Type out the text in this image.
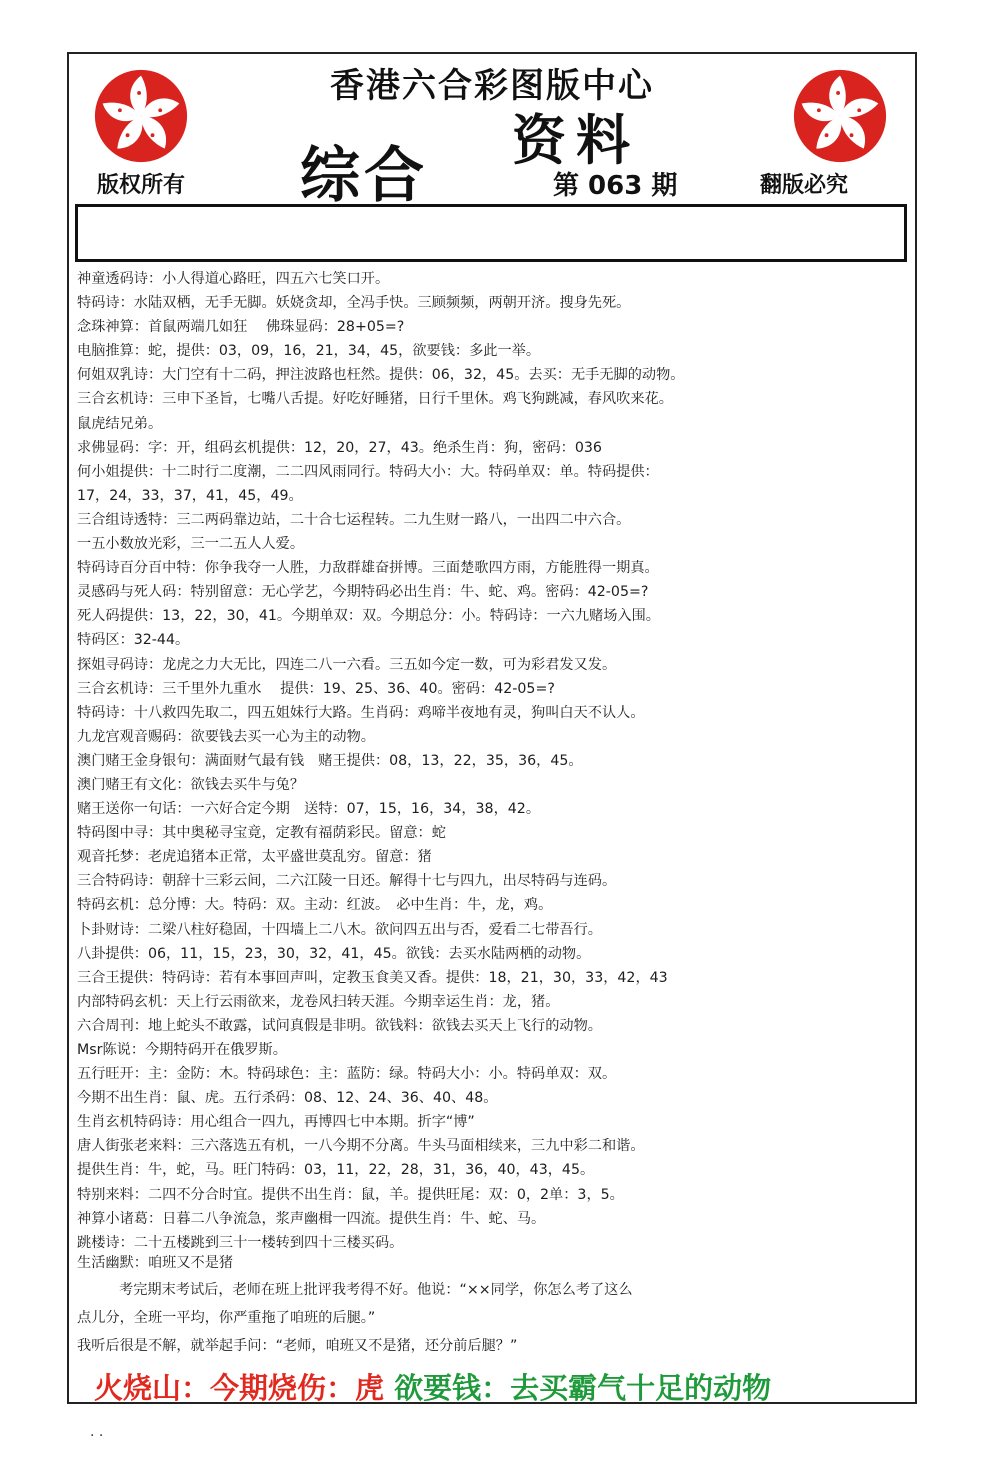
香港六合彩图版中心
综合
资料
版权所有	第 063 期	翻版必究
神童透码诗：小人得道心路旺，四五六七笑口开。
特码诗：水陆双栖，无手无脚。妖娆贪却，全冯手快。三顾频频，两朝开济。搜身先死。
念珠神算：首鼠两端几如狂　 佛珠显码：28+05=?
电脑推算：蛇，提供：03，09，16，21，34，45，欲要钱：多此一举。
何姐双乳诗：大门空有十二码，押注波路也枉然。提供：06，32，45。去买：无手无脚的动物。
三合玄机诗：三申下圣旨，七嘴八舌提。好吃好睡猪，日行千里休。鸡飞狗跳减，春风吹来花。
鼠虎结兄弟。
求佛显码：字：开，组码玄机提供：12，20，27，43。绝杀生肖：狗，密码：036
何小姐提供：十二时行二度潮，二二四风雨同行。特码大小：大。特码单双：单。特码提供：
17，24，33，37，41，45，49。
三合组诗透特：三二两码靠边站，二十合七运程转。二九生财一路八，一出四二中六合。
一五小数放光彩，三一二五人人爱。
特码诗百分百中特：你争我夺一人胜，力敌群雄奋拼博。三面楚歌四方雨，方能胜得一期真。
灵感码与死人码：特别留意：无心学艺，今期特码必出生肖：牛、蛇、鸡。密码：42-05=?
死人码提供：13，22，30，41。今期单双：双。今期总分：小。特码诗：一六九赌场入围。
特码区：32-44。
探姐寻码诗：龙虎之力大无比，四连二八一六看。三五如今定一数，可为彩君发又发。
三合玄机诗：三千里外九重水　 提供：19、25、36、40。密码：42-05=?
特码诗：十八救四先取二，四五姐妹行大路。生肖码：鸡啼半夜地有灵，狗叫白天不认人。
九龙宫观音赐码：欲要钱去买一心为主的动物。
澳门赌王金身银句：满面财气最有钱　赌王提供：08，13，22，35，36，45。
澳门赌王有文化：欲钱去买牛与兔？
赌王送你一句话：一六好合定今期　送特：07，15，16，34，38，42。
特码图中寻：其中奥秘寻宝竟，定教有福荫彩民。留意：蛇
观音托梦：老虎追猪本正常，太平盛世莫乱穷。留意：猪
三合特码诗：朝辞十三彩云间，二六江陵一日还。解得十七与四九，出尽特码与连码。
特码玄机：总分博：大。特码：双。主动：红波。　必中生肖：牛，龙，鸡。
卜卦财诗：二梁八柱好稳固，十四墙上二八木。欲问四五出与否，爱看二七带吾行。
八卦提供：06，11，15，23，30，32，41，45。欲钱：去买水陆两栖的动物。
三合王提供：特码诗：若有本事回声叫，定教玉食美又香。提供：18，21，30，33，42，43
内部特码玄机：天上行云雨欲来，龙卷风扫转天涯。今期幸运生肖：龙，猪。
六合周刊：地上蛇头不敢露，试问真假是非明。欲钱料：欲钱去买天上飞行的动物。
Msr陈说：今期特码开在俄罗斯。
五行旺开：主：金防：木。特码球色：主：蓝防：绿。特码大小：小。特码单双：双。
今期不出生肖：鼠、虎。五行杀码：08、12、24、36、40、48。
生肖玄机特码诗：用心组合一四九，再博四七中本期。折字“博”
唐人街张老来料：三六落选五有机，一八今期不分离。牛头马面相续来，三九中彩二和谐。
提供生肖：牛，蛇，马。旺门特码：03，11，22，28，31，36，40，43，45。
特别来料：二四不分合时宜。提供不出生肖：鼠，羊。提供旺尾：双：0，2单：3，5。
神算小诸葛：日暮二八争流急，浆声幽楫一四流。提供生肖：牛、蛇、马。
跳楼诗：二十五楼跳到三十一楼转到四十三楼买码。
生活幽默：咱班又不是猪
考完期末考试后，老师在班上批评我考得不好。他说：“××同学，你怎么考了这么
点儿分，全班一平均，你严重拖了咱班的后腿。”
我听后很是不解，就举起手问：“老师，咱班又不是猪，还分前后腿？”
火烧山：今期烧伤：虎 欲要钱：去买霸气十足的动物
. .
